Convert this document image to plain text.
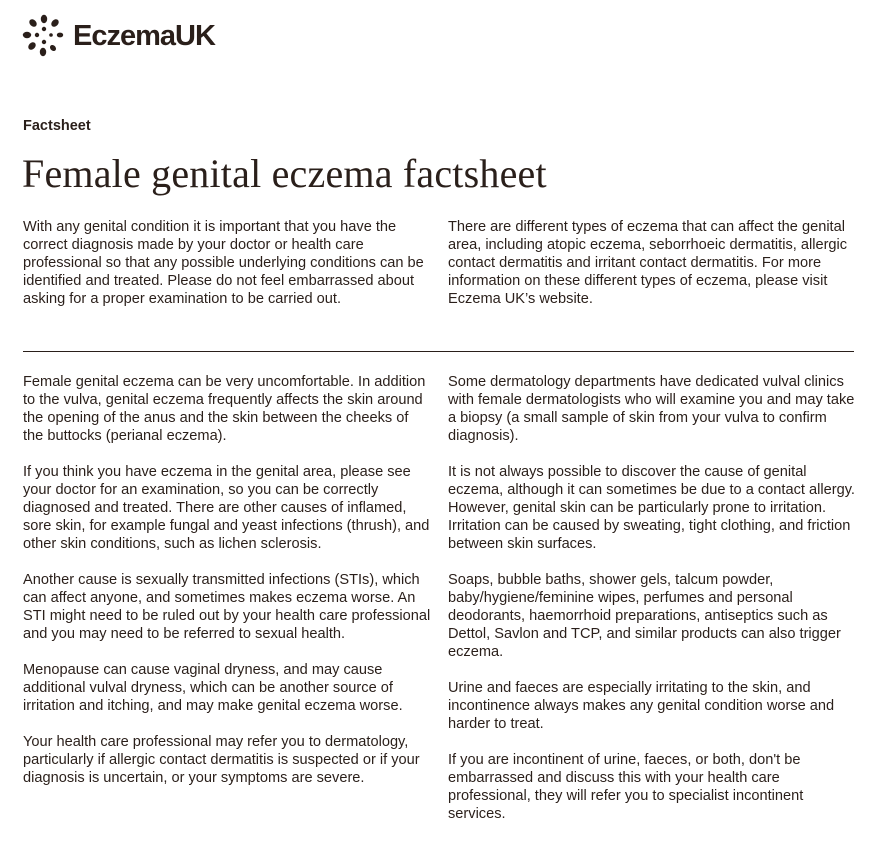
EczemaUK
Factsheet
Female genital eczema factsheet

With any genital condition it is important that you have the correct diagnosis made by your doctor or health care professional so that any possible underlying conditions can be identified and treated. Please do not feel embarrassed about asking for a proper examination to be carried out.

There are different types of eczema that can affect the genital area, including atopic eczema, seborrhoeic dermatitis, allergic contact dermatitis and irritant contact dermatitis. For more information on these different types of eczema, please visit Eczema UK’s website.

Female genital eczema can be very uncomfortable. In addition to the vulva, genital eczema frequently affects the skin around the opening of the anus and the skin between the cheeks of the buttocks (perianal eczema).

If you think you have eczema in the genital area, please see your doctor for an examination, so you can be correctly diagnosed and treated. There are other causes of inflamed, sore skin, for example fungal and yeast infections (thrush), and other skin conditions, such as lichen sclerosis.

Another cause is sexually transmitted infections (STIs), which can affect anyone, and sometimes makes eczema worse. An STI might need to be ruled out by your health care professional and you may need to be referred to sexual health.

Menopause can cause vaginal dryness, and may cause additional vulval dryness, which can be another source of irritation and itching, and may make genital eczema worse.

Your health care professional may refer you to dermatology, particularly if allergic contact dermatitis is suspected or if your diagnosis is uncertain, or your symptoms are severe.

Some dermatology departments have dedicated vulval clinics with female dermatologists who will examine you and may take a biopsy (a small sample of skin from your vulva to confirm diagnosis).

It is not always possible to discover the cause of genital eczema, although it can sometimes be due to a contact allergy. However, genital skin can be particularly prone to irritation. Irritation can be caused by sweating, tight clothing, and friction between skin surfaces.

Soaps, bubble baths, shower gels, talcum powder, baby/hygiene/feminine wipes, perfumes and personal deodorants, haemorrhoid preparations, antiseptics such as Dettol, Savlon and TCP, and similar products can also trigger eczema.

Urine and faeces are especially irritating to the skin, and incontinence always makes any genital condition worse and harder to treat.

If you are incontinent of urine, faeces, or both, don't be embarrassed and discuss this with your health care professional, they will refer you to specialist incontinent services.
